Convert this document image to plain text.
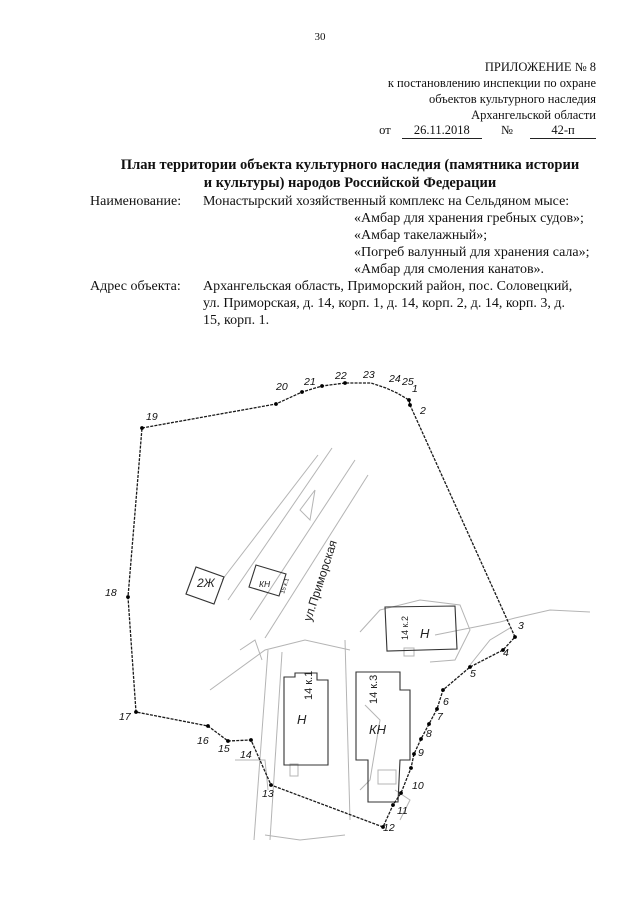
30
ПРИЛОЖЕНИЕ № 8
к постановлению инспекции по охране
объектов культурного наследия
Архангельской области
от 26.11.2018 №	42-п
План территории объекта культурного наследия (памятника истории
и культуры) народов Российской Федерации
Наименование: Монастырский хозяйственный комплекс на Сельдяном мысе:
«Амбар для хранения гребных судов»;
«Амбар такелажный»;
«Погреб валунный для хранения сала»;
«Амбар для смоления канатов».
Адрес объекта: Архангельская область, Приморский район, пос. Соловецкий,
ул. Приморская, д. 14, корп. 1, д. 14, корп. 2, д. 14, корп. 3, д.
15, корп. 1.
2Ж	КН 15 к.1
Н
14 к.2
Н
14 к.1
КН
14 к.3
ул.Приморская
1
2
3
4
5
6
7
8
9
10
11
12
13
14
15
16
17
18
19
20 21 22 23 24 25
